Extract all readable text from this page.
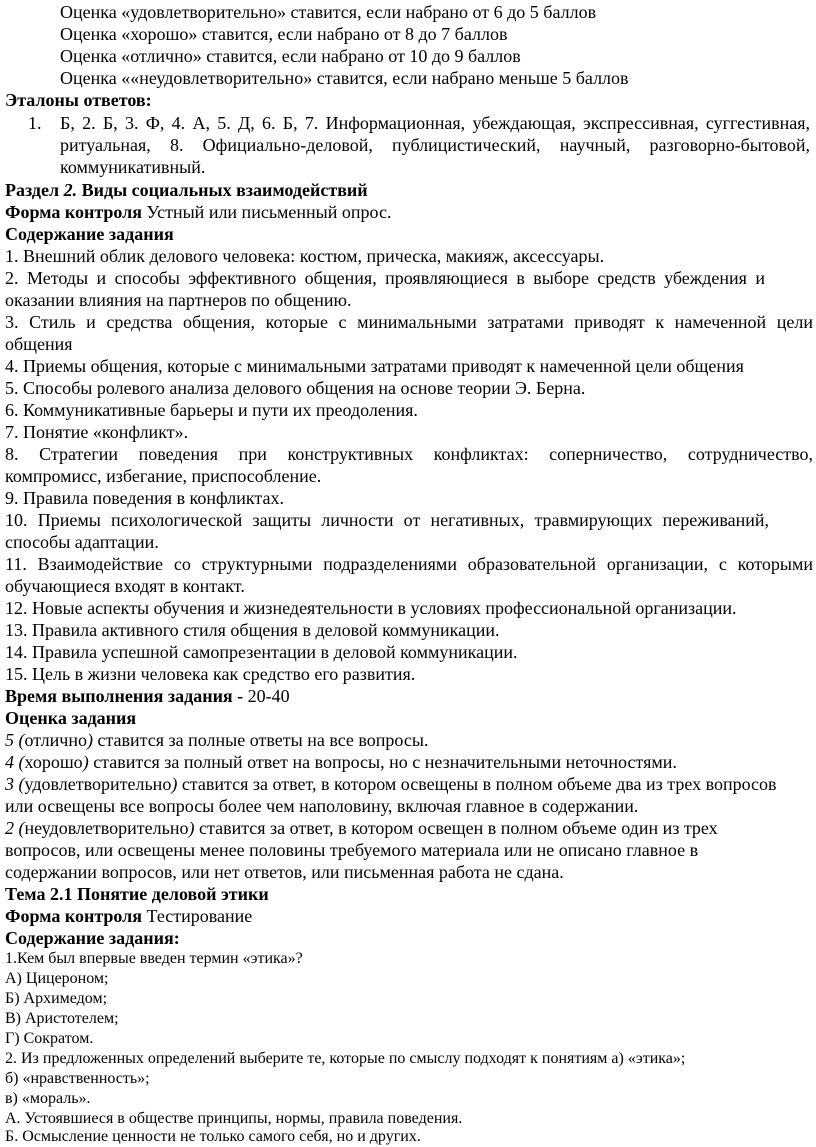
Оценка «удовлетворительно» ставится, если набрано от 6 до 5 баллов
Оценка «хорошо» ставится, если набрано от 8 до 7 баллов
Оценка «отлично» ставится, если набрано от 10 до 9 баллов
Оценка ««неудовлетворительно» ставится, если набрано меньше 5 баллов
Эталоны ответов:
1. Б, 2. Б, 3. Ф, 4. А, 5. Д, 6. Б, 7. Информационная, убеждающая, экспрессивная, суггестивная,
ритуальная, 8. Официально-деловой, публицистический, научный, разговорно-бытовой,
коммуникативный.
Раздел 2. Виды социальных взаимодействий
Форма контроля Устный или письменный опрос.
Содержание задания
1. Внешний облик делового человека: костюм, прическа, макияж, аксессуары.
2. Методы и способы эффективного общения, проявляющиеся в выборе средств убеждения и
оказании влияния на партнеров по общению.
3. Стиль и средства общения, которые с минимальными затратами приводят к намеченной цели
общения
4. Приемы общения, которые с минимальными затратами приводят к намеченной цели общения
5. Способы ролевого анализа делового общения на основе теории Э. Берна.
6. Коммуникативные барьеры и пути их преодоления.
7. Понятие «конфликт».
8. Стратегии поведения при конструктивных конфликтах: соперничество, сотрудничество,
компромисс, избегание, приспособление.
9. Правила поведения в конфликтах.
10. Приемы психологической защиты личности от негативных, травмирующих переживаний,
способы адаптации.
11. Взаимодействие со структурными подразделениями образовательной организации, с которыми
обучающиеся входят в контакт.
12. Новые аспекты обучения и жизнедеятельности в условиях профессиональной организации.
13. Правила активного стиля общения в деловой коммуникации.
14. Правила успешной самопрезентации в деловой коммуникации.
15. Цель в жизни человека как средство его развития.
Время выполнения задания - 20-40
Оценка задания
5 (отлично) ставится за полные ответы на все вопросы.
4 (хорошо) ставится за полный ответ на вопросы, но с незначительными неточностями.
3 (удовлетворительно) ставится за ответ, в котором освещены в полном объеме два из трех вопросов
или освещены все вопросы более чем наполовину, включая главное в содержании.
2 (неудовлетворительно) ставится за ответ, в котором освещен в полном объеме один из трех
вопросов, или освещены менее половины требуемого материала или не описано главное в
содержании вопросов, или нет ответов, или письменная работа не сдана.
Тема 2.1 Понятие деловой этики
Форма контроля Тестирование
Содержание задания:
1.Кем был впервые введен термин «этика»?
А) Цицероном;
Б) Архимедом;
В) Аристотелем;
Г) Сократом.
2. Из предложенных определений выберите те, которые по смыслу подходят к понятиям а) «этика»;
б) «нравственность»;
в) «мораль».
А. Устоявшиеся в обществе принципы, нормы, правила поведения.
Б. Осмысление ценности не только самого себя, но и других.
